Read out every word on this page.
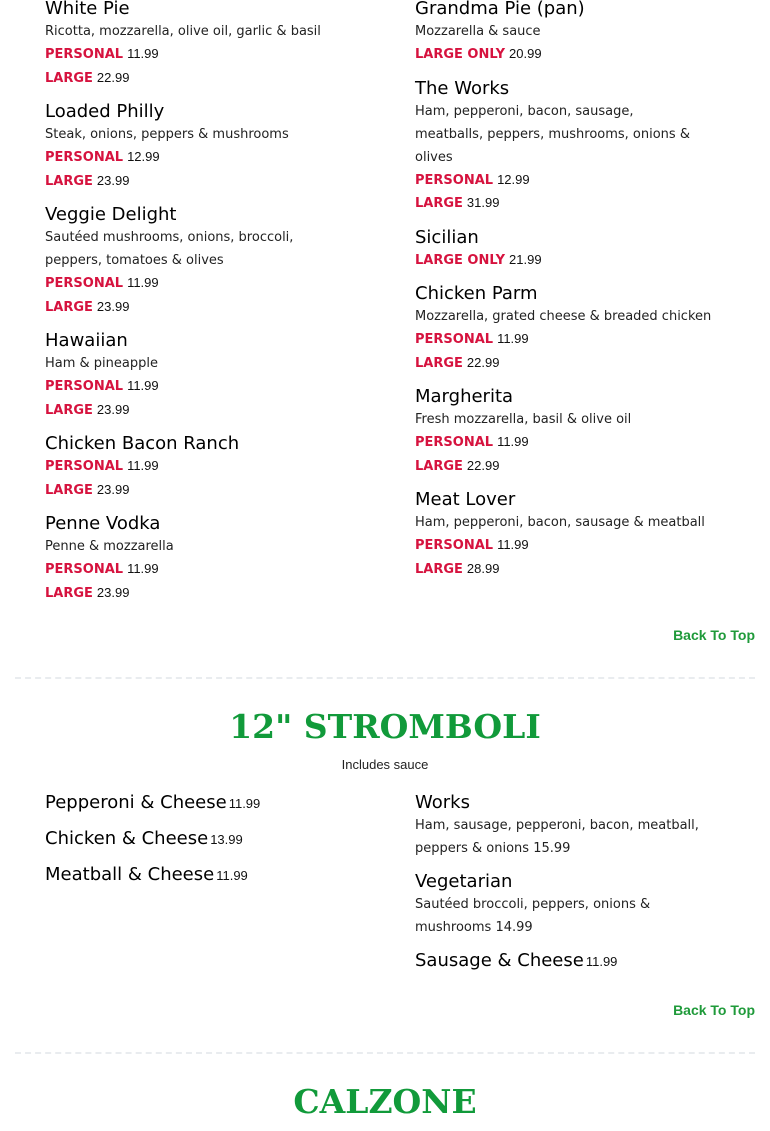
White Pie
Ricotta, mozzarella, olive oil, garlic & basil
PERSONAL 11.99
LARGE 22.99
Loaded Philly
Steak, onions, peppers & mushrooms
PERSONAL 12.99
LARGE 23.99
Veggie Delight
Sautéed mushrooms, onions, broccoli, peppers, tomatoes & olives
PERSONAL 11.99
LARGE 23.99
Hawaiian
Ham & pineapple
PERSONAL 11.99
LARGE 23.99
Chicken Bacon Ranch
PERSONAL 11.99
LARGE 23.99
Penne Vodka
Penne & mozzarella
PERSONAL 11.99
LARGE 23.99
Grandma Pie (pan)
Mozzarella & sauce
LARGE ONLY 20.99
The Works
Ham, pepperoni, bacon, sausage, meatballs, peppers, mushrooms, onions & olives
PERSONAL 12.99
LARGE 31.99
Sicilian
LARGE ONLY 21.99
Chicken Parm
Mozzarella, grated cheese & breaded chicken
PERSONAL 11.99
LARGE 22.99
Margherita
Fresh mozzarella, basil & olive oil
PERSONAL 11.99
LARGE 22.99
Meat Lover
Ham, pepperoni, bacon, sausage & meatball
PERSONAL 11.99
LARGE 28.99
Back To Top
12" STROMBOLI
Includes sauce
Pepperoni & Cheese 11.99
Chicken & Cheese 13.99
Meatball & Cheese 11.99
Works
Ham, sausage, pepperoni, bacon, meatball, peppers & onions 15.99
Vegetarian
Sautéed broccoli, peppers, onions & mushrooms 14.99
Sausage & Cheese 11.99
Back To Top
CALZONE
